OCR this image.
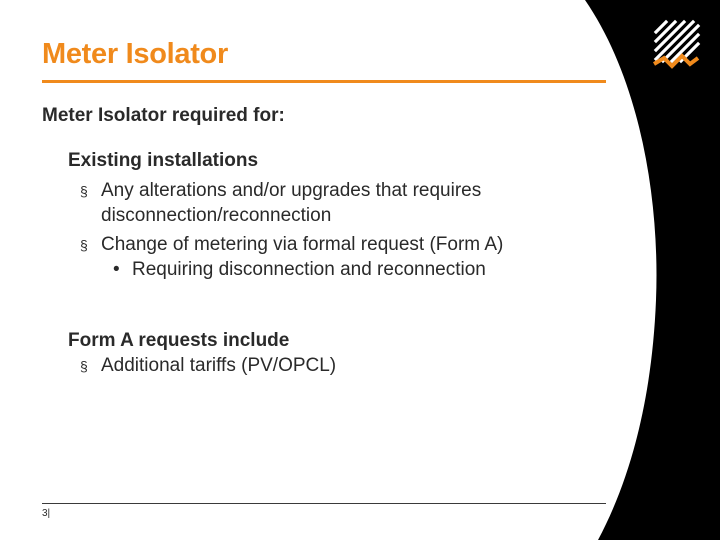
Meter Isolator
Meter Isolator required for:
Existing installations
§ Any alterations and/or upgrades that requires
disconnection/reconnection
§ Change of metering via formal request (Form A)
• Requiring disconnection and reconnection
Form A requests include
§ Additional tariffs (PV/OPCL)
3|
